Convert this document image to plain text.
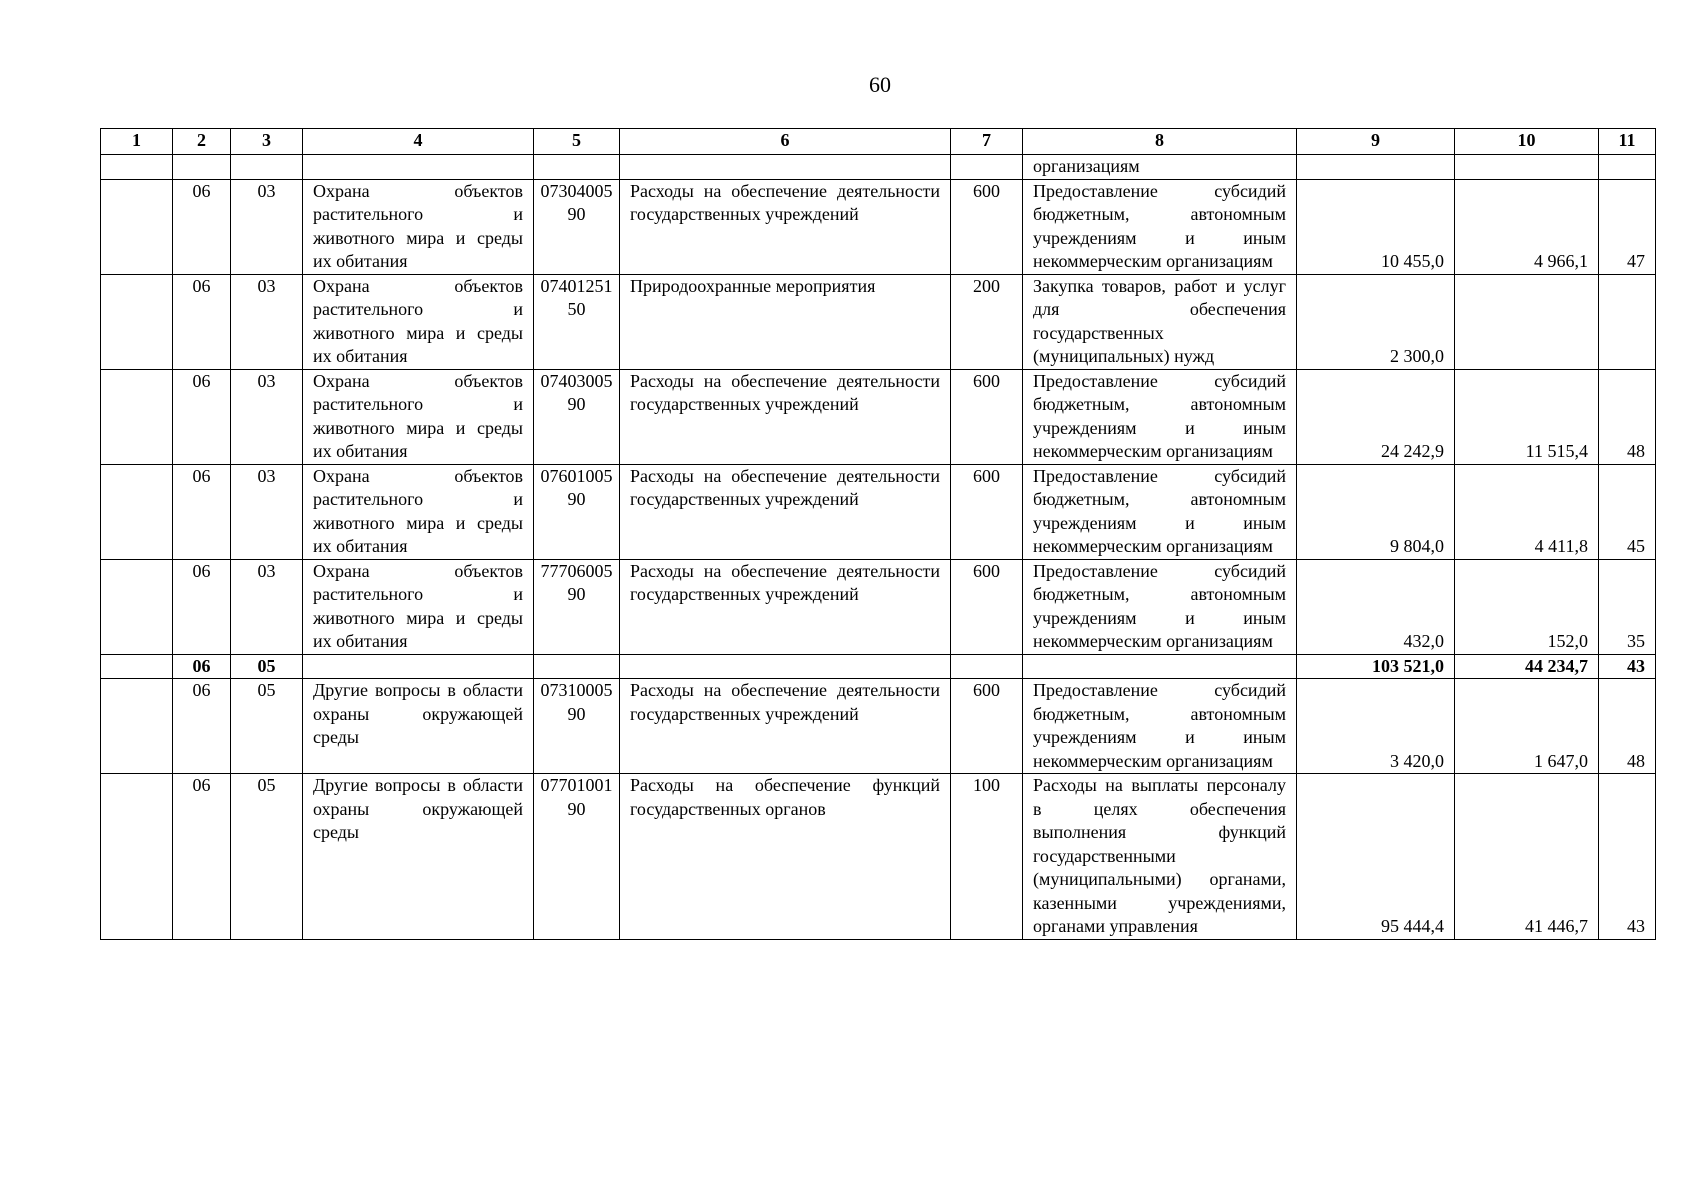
60
1	2	3	4	5	6	7	8	9	10	11
							организациям			
	06	03	Охрана объектов растительного и животного мира и среды их обитания	0730400590	Расходы на обеспечение деятельности государственных учреждений	600	Предоставление субсидий бюджетным, автономным учреждениям и иным некоммерческим организациям	10 455,0	4 966,1	47
	06	03	Охрана объектов растительного и животного мира и среды их обитания	0740125150	Природоохранные мероприятия	200	Закупка товаров, работ и услуг для обеспечения государственных (муниципальных) нужд	2 300,0		
	06	03	Охрана объектов растительного и животного мира и среды их обитания	0740300590	Расходы на обеспечение деятельности государственных учреждений	600	Предоставление субсидий бюджетным, автономным учреждениям и иным некоммерческим организациям	24 242,9	11 515,4	48
	06	03	Охрана объектов растительного и животного мира и среды их обитания	0760100590	Расходы на обеспечение деятельности государственных учреждений	600	Предоставление субсидий бюджетным, автономным учреждениям и иным некоммерческим организациям	9 804,0	4 411,8	45
	06	03	Охрана объектов растительного и животного мира и среды их обитания	7770600590	Расходы на обеспечение деятельности государственных учреждений	600	Предоставление субсидий бюджетным, автономным учреждениям и иным некоммерческим организациям	432,0	152,0	35
	06	05						103 521,0	44 234,7	43
	06	05	Другие вопросы в области охраны окружающей среды	0731000590	Расходы на обеспечение деятельности государственных учреждений	600	Предоставление субсидий бюджетным, автономным учреждениям и иным некоммерческим организациям	3 420,0	1 647,0	48
	06	05	Другие вопросы в области охраны окружающей среды	0770100190	Расходы на обеспечение функций государственных органов	100	Расходы на выплаты персоналу в целях обеспечения выполнения функций государственными (муниципальными) органами, казенными учреждениями, органами управления	95 444,4	41 446,7	43
